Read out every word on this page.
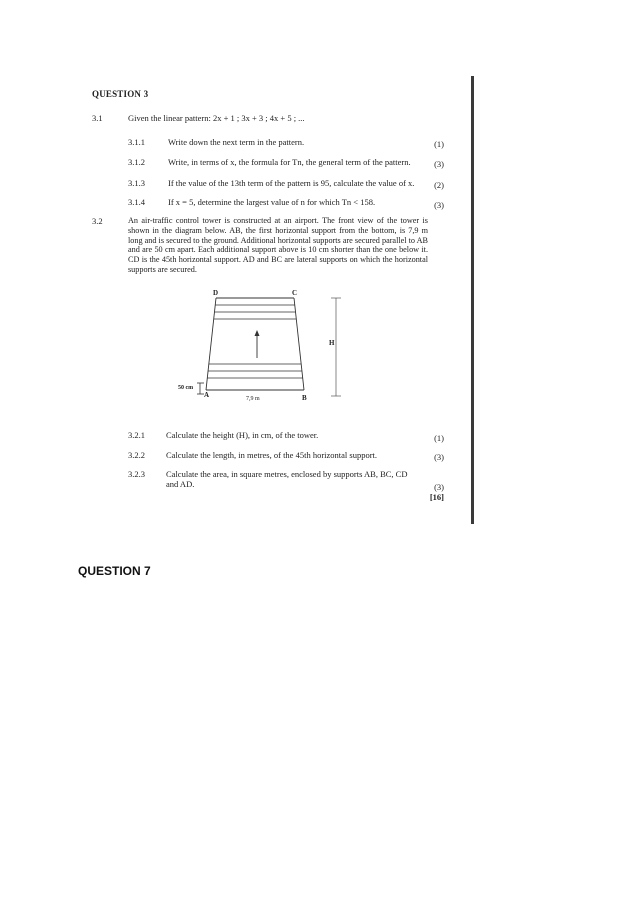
QUESTION 3
3.1	Given the linear pattern: 2x + 1 ; 3x + 3 ; 4x + 5 ; ...
3.1.1	Write down the next term in the pattern.	(1)
3.1.2	Write, in terms of x, the formula for Tn, the general term of the pattern.	(3)
3.1.3	If the value of the 13th term of the pattern is 95, calculate the value of x.	(2)
3.1.4	If x = 5, determine the largest value of n for which Tn < 158.	(3)
3.2	An air-traffic control tower is constructed at an airport. The front view of the tower is shown in the diagram below. AB, the first horizontal support from the bottom, is 7,9 m long and is secured to the ground. Additional horizontal supports are secured parallel to AB and are 50 cm apart. Each additional support above is 10 cm shorter than the one below it. CD is the 45th horizontal support. AD and BC are lateral supports on which the horizontal supports are secured.
D	C
A	B
H
50 cm
7,9 m
3.2.1 Calculate the height (H), in cm, of the tower.	(1)
3.2.2 Calculate the length, in metres, of the 45th horizontal support.	(3)
3.2.3 Calculate the area, in square metres, enclosed by supports AB, BC, CD and AD.	(3)
[16]
QUESTION 7
